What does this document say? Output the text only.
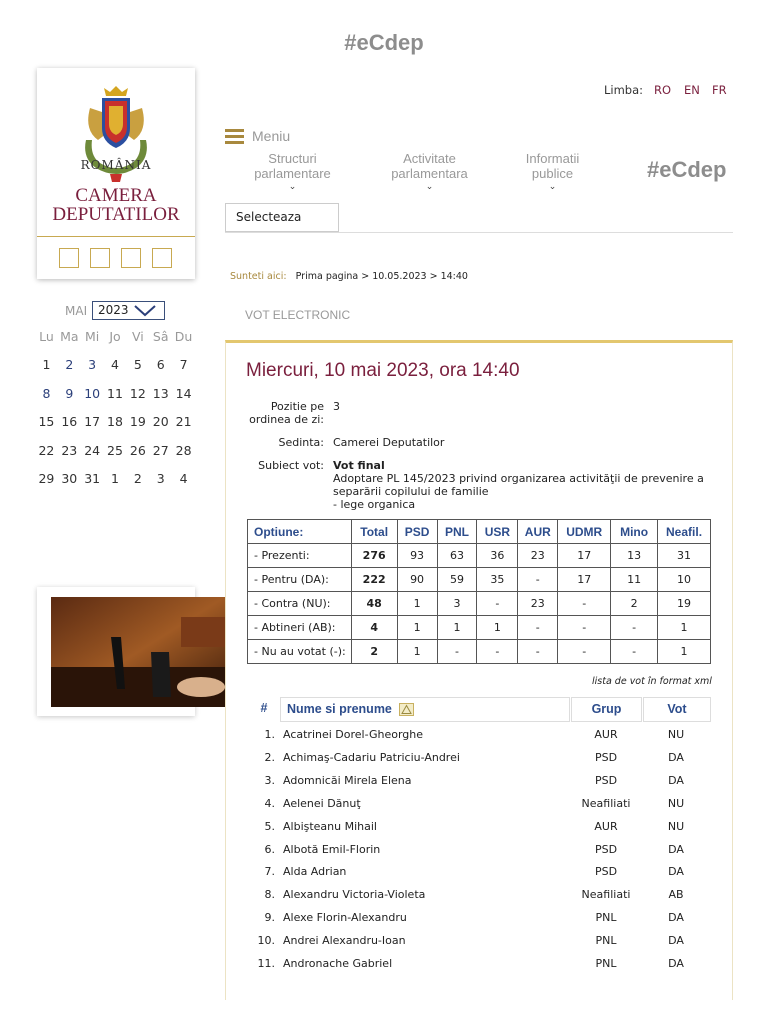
#eCdep
ROMÂNIA
CAMERA
DEPUTATILOR
MAI 2023
Lu Ma Mi Jo Vi Sâ Du
1	2	3	4	5	6	7
8	9 10 11 12 13 14
15 16 17 18 19 20 21
22 23 24 25 26 27 28
29 30 31 1	2	3	4
Limba: RO EN FR
Meniu
Structuri
parlamentare
⌄
Activitate
parlamentara
⌄
Informatii
publice
⌄
#eCdep
Selecteaza
Sunteti aici: Prima pagina > 10.05.2023 > 14:40
VOT ELECTRONIC
Miercuri, 10 mai 2023, ora 14:40
Pozitie pe ordinea de zi:
3
Sedinta: Camerei Deputatilor
Subiect vot: Vot final
Adoptare PL 145/2023 privind organizarea activităţii de prevenire a separării copilului de familie
- lege organica
Optiune:	Total	PSD	PNL	USR	AUR	UDMR	Mino	Neafil.
- Prezenti:	276	93	63	36	23	17	13	31
- Pentru (DA):	222	90	59	35	-	17	11	10
- Contra (NU):	48	1	3	-	23	-	2	19
- Abtineri (AB):	4	1	1	1	-	-	-	1
- Nu au votat (-):	2	1	-	-	-	-	-	1
lista de vot în format xml
#	Nume si prenume	Grup	Vot
1. Acatrinei Dorel-Gheorghe	AUR	NU
2. Achimaş-Cadariu Patriciu-Andrei	PSD	DA
3. Adomnicăi Mirela Elena	PSD	DA
4. Aelenei Dănuţ	Neafiliati	NU
5. Albişteanu Mihail	AUR	NU
6. Albotă Emil-Florin	PSD	DA
7. Alda Adrian	PSD	DA
8. Alexandru Victoria-Violeta	Neafiliati	AB
9. Alexe Florin-Alexandru	PNL	DA
10. Andrei Alexandru-Ioan	PNL	DA
11. Andronache Gabriel	PNL	DA
